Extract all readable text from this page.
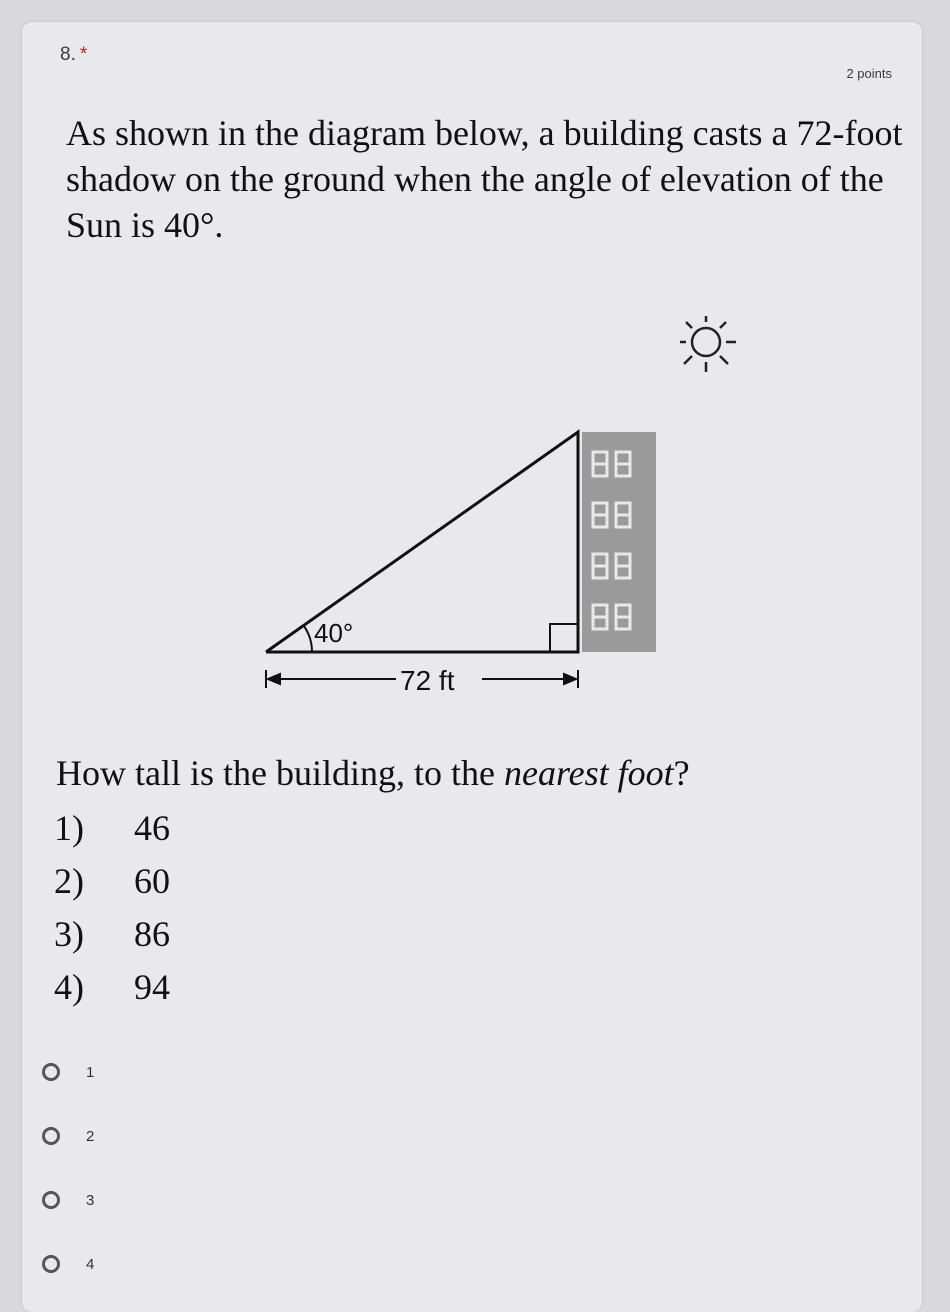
8. *
2 points

As shown in the diagram below, a building casts a 72-foot shadow on the ground when the angle of elevation of the Sun is 40°.

40°
72 ft
How tall is the building, to the nearest foot?
1)	46
2)	60
3)	86
4)	94
1
2
3
4
